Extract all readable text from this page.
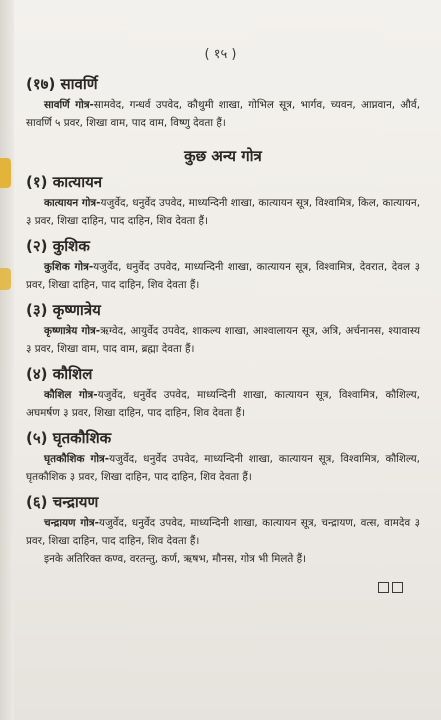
( १५ )
(१७) सावर्णि
सावर्णि गोत्र-सामवेद, गन्धर्व उपवेद, कौथुमी शाखा, गोभिल सूत्र, भार्गव, च्यवन, आप्नवान, और्व, सावर्णि ५ प्रवर, शिखा वाम, पाद वाम, विष्णु देवता हैं।
कुछ अन्य गोत्र
(१) कात्यायन
कात्यायन गोत्र-यजुर्वेद, धनुर्वेद उपवेद, माध्यन्दिनी शाखा, कात्यायन सूत्र, विश्वामित्र, किल, कात्यायन, ३ प्रवर, शिखा दाहिन, पाद दाहिन, शिव देवता हैं।
(२) कुशिक
कुशिक गोत्र-यजुर्वेद, धनुर्वेद उपवेद, माध्यन्दिनी शाखा, कात्यायन सूत्र, विश्वामित्र, देवरात, देवल ३ प्रवर, शिखा दाहिन, पाद दाहिन, शिव देवता हैं।
(३) कृष्णात्रेय
कृष्णात्रेय गोत्र-ऋग्वेद, आयुर्वेद उपवेद, शाकल्य शाखा, आश्वालायन सूत्र, अत्रि, अर्चनानस, श्यावास्य ३ प्रवर, शिखा वाम, पाद वाम, ब्रह्मा देवता हैं।
(४) कौशिल
कौशिल गोत्र-यजुर्वेद, धनुर्वेद उपवेद, माध्यन्दिनी शाखा, कात्यायन सूत्र, विश्वामित्र, कौशिल्य, अघमर्षण ३ प्रवर, शिखा दाहिन, पाद दाहिन, शिव देवता हैं।
(५) घृतकौशिक
घृतकौशिक गोत्र-यजुर्वेद, धनुर्वेद उपवेद, माध्यन्दिनी शाखा, कात्यायन सूत्र, विश्वामित्र, कौशिल्य, घृतकौशिक ३ प्रवर, शिखा दाहिन, पाद दाहिन, शिव देवता हैं।
(६) चन्द्रायण
चन्द्रायण गोत्र-यजुर्वेद, धनुर्वेद उपवेद, माध्यन्दिनी शाखा, कात्यायन सूत्र, चन्द्रायण, वत्स, वामदेव ३ प्रवर, शिखा दाहिन, पाद दाहिन, शिव देवता हैं।
इनके अतिरिक्त कण्व, वरतन्तु, कर्ण, ऋषभ, मौनस, गोत्र भी मिलते हैं।
